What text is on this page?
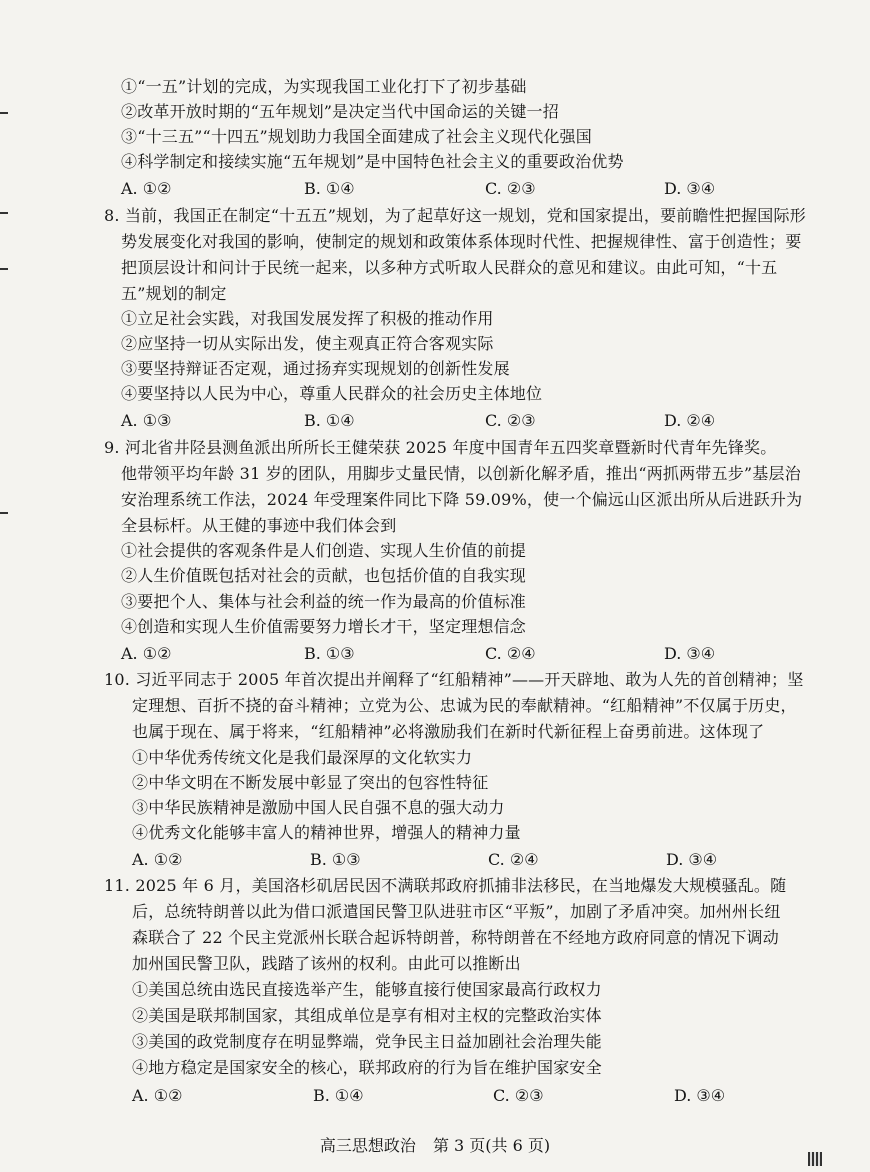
①“一五”计划的完成，为实现我国工业化打下了初步基础
②改革开放时期的“五年规划”是决定当代中国命运的关键一招
③“十三五”“十四五”规划助力我国全面建成了社会主义现代化强国
④科学制定和接续实施“五年规划”是中国特色社会主义的重要政治优势
A. ①②	B. ①④	C. ②③	D. ③④
8. 当前，我国正在制定“十五五”规划，为了起草好这一规划，党和国家提出，要前瞻性把握国际形
势发展变化对我国的影响，使制定的规划和政策体系体现时代性、把握规律性、富于创造性；要
把顶层设计和问计于民统一起来，以多种方式听取人民群众的意见和建议。由此可知，“十五
五”规划的制定
①立足社会实践，对我国发展发挥了积极的推动作用
②应坚持一切从实际出发，使主观真正符合客观实际
③要坚持辩证否定观，通过扬弃实现规划的创新性发展
④要坚持以人民为中心，尊重人民群众的社会历史主体地位
A. ①③	B. ①④	C. ②③	D. ②④
9. 河北省井陉县测鱼派出所所长王健荣获 2025 年度中国青年五四奖章暨新时代青年先锋奖。
他带领平均年龄 31 岁的团队，用脚步丈量民情，以创新化解矛盾，推出“两抓两带五步”基层治
安治理系统工作法，2024 年受理案件同比下降 59.09%，使一个偏远山区派出所从后进跃升为
全县标杆。从王健的事迹中我们体会到
①社会提供的客观条件是人们创造、实现人生价值的前提
②人生价值既包括对社会的贡献，也包括价值的自我实现
③要把个人、集体与社会利益的统一作为最高的价值标准
④创造和实现人生价值需要努力增长才干，坚定理想信念
A. ①②	B. ①③	C. ②④	D. ③④
10. 习近平同志于 2005 年首次提出并阐释了“红船精神”——开天辟地、敢为人先的首创精神；坚
定理想、百折不挠的奋斗精神；立党为公、忠诚为民的奉献精神。“红船精神”不仅属于历史，
也属于现在、属于将来，“红船精神”必将激励我们在新时代新征程上奋勇前进。这体现了
①中华优秀传统文化是我们最深厚的文化软实力
②中华文明在不断发展中彰显了突出的包容性特征
③中华民族精神是激励中国人民自强不息的强大动力
④优秀文化能够丰富人的精神世界，增强人的精神力量
A. ①②	B. ①③	C. ②④	D. ③④
11. 2025 年 6 月，美国洛杉矶居民因不满联邦政府抓捕非法移民，在当地爆发大规模骚乱。随
后，总统特朗普以此为借口派遣国民警卫队进驻市区“平叛”，加剧了矛盾冲突。加州州长纽
森联合了 22 个民主党派州长联合起诉特朗普，称特朗普在不经地方政府同意的情况下调动
加州国民警卫队，践踏了该州的权利。由此可以推断出
①美国总统由选民直接选举产生，能够直接行使国家最高行政权力
②美国是联邦制国家，其组成单位是享有相对主权的完整政治实体
③美国的政党制度存在明显弊端，党争民主日益加剧社会治理失能
④地方稳定是国家安全的核心，联邦政府的行为旨在维护国家安全
A. ①②	B. ①④	C. ②③	D. ③④
高三思想政治 第 3 页(共 6 页)
